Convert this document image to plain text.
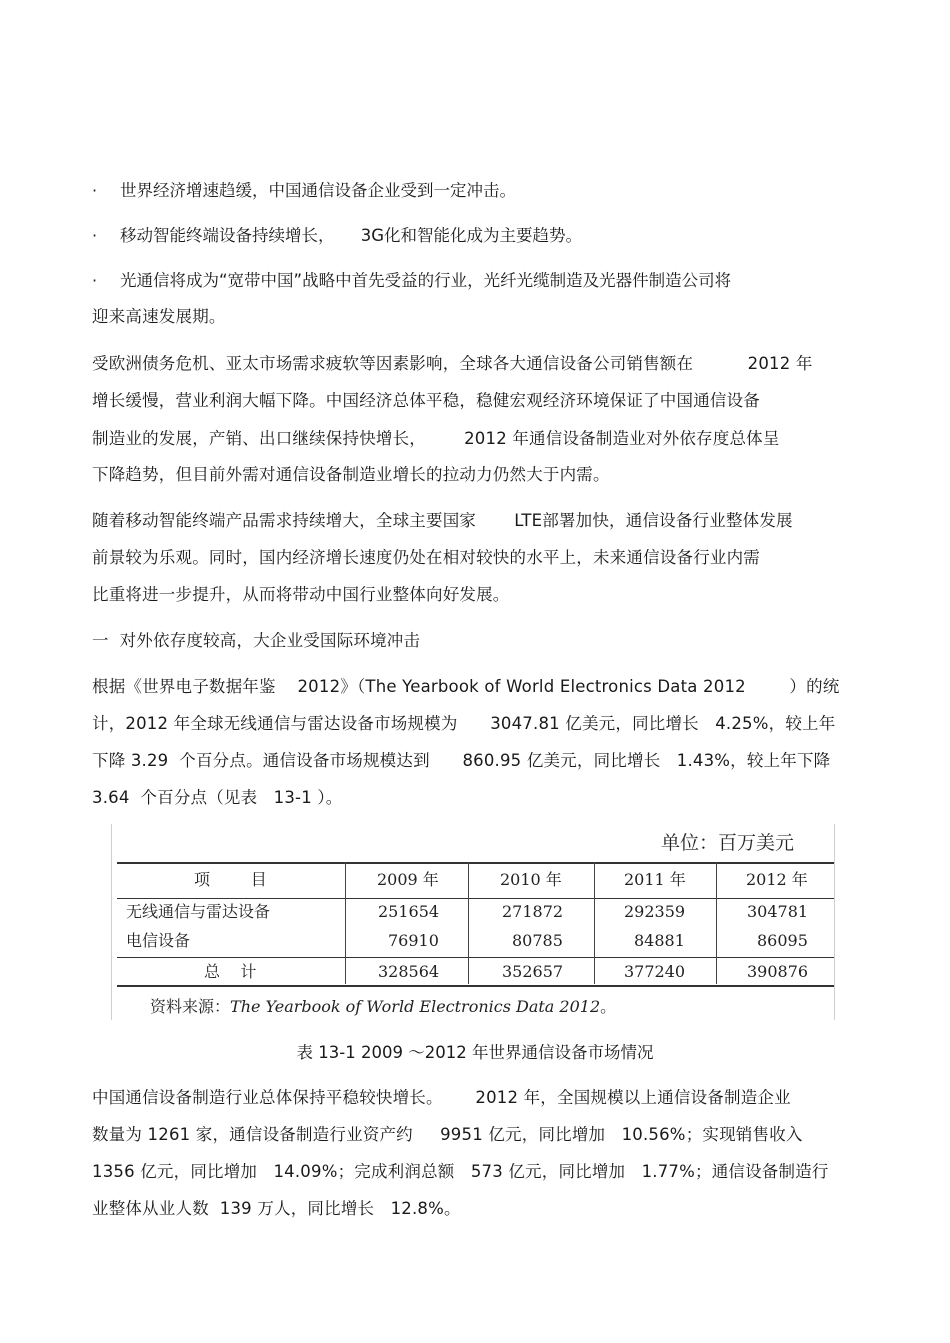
· 世界经济增速趋缓，中国通信设备企业受到一定冲击。
· 移动智能终端设备持续增长，     3G化和智能化成为主要趋势。
· 光通信将成为“宽带中国”战略中首先受益的行业，光纤光缆制造及光器件制造公司将
迎来高速发展期。
受欧洲债务危机、亚太市场需求疲软等因素影响，全球各大通信设备公司销售额在          2012 年
增长缓慢，营业利润大幅下降。中国经济总体平稳，稳健宏观经济环境保证了中国通信设备
制造业的发展，产销、出口继续保持快增长，       2012 年通信设备制造业对外依存度总体呈
下降趋势，但目前外需对通信设备制造业增长的拉动力仍然大于内需。
随着移动智能终端产品需求持续增大，全球主要国家       LTE部署加快，通信设备行业整体发展
前景较为乐观。同时，国内经济增长速度仍处在相对较快的水平上，未来通信设备行业内需
比重将进一步提升，从而将带动中国行业整体向好发展。
一  对外依存度较高，大企业受国际环境冲击
根据《世界电子数据年鉴    2012》（The Yearbook of World Electronics Data 2012        ）的统
计，2012 年全球无线通信与雷达设备市场规模为      3047.81 亿美元，同比增长   4.25%，较上年
下降 3.29  个百分点。通信设备市场规模达到      860.95 亿美元，同比增长   1.43%，较上年下降
3.64  个百分点（见表   13-1 ）。
单位：百万美元
项        目	2009 年	2010 年	2011 年	2012 年
无线通信与雷达设备	251654	271872	292359	304781
电信设备	76910	80785	84881	86095
总    计	328564	352657	377240	390876
资料来源：The Yearbook of World Electronics Data 2012。
表 13-1 2009 ～2012 年世界通信设备市场情况
中国通信设备制造行业总体保持平稳较快增长。      2012 年，全国规模以上通信设备制造企业
数量为 1261 家，通信设备制造行业资产约     9951 亿元，同比增加   10.56%；实现销售收入
1356 亿元，同比增加   14.09%；完成利润总额   573 亿元，同比增加   1.77%；通信设备制造行
业整体从业人数  139 万人，同比增长   12.8%。
